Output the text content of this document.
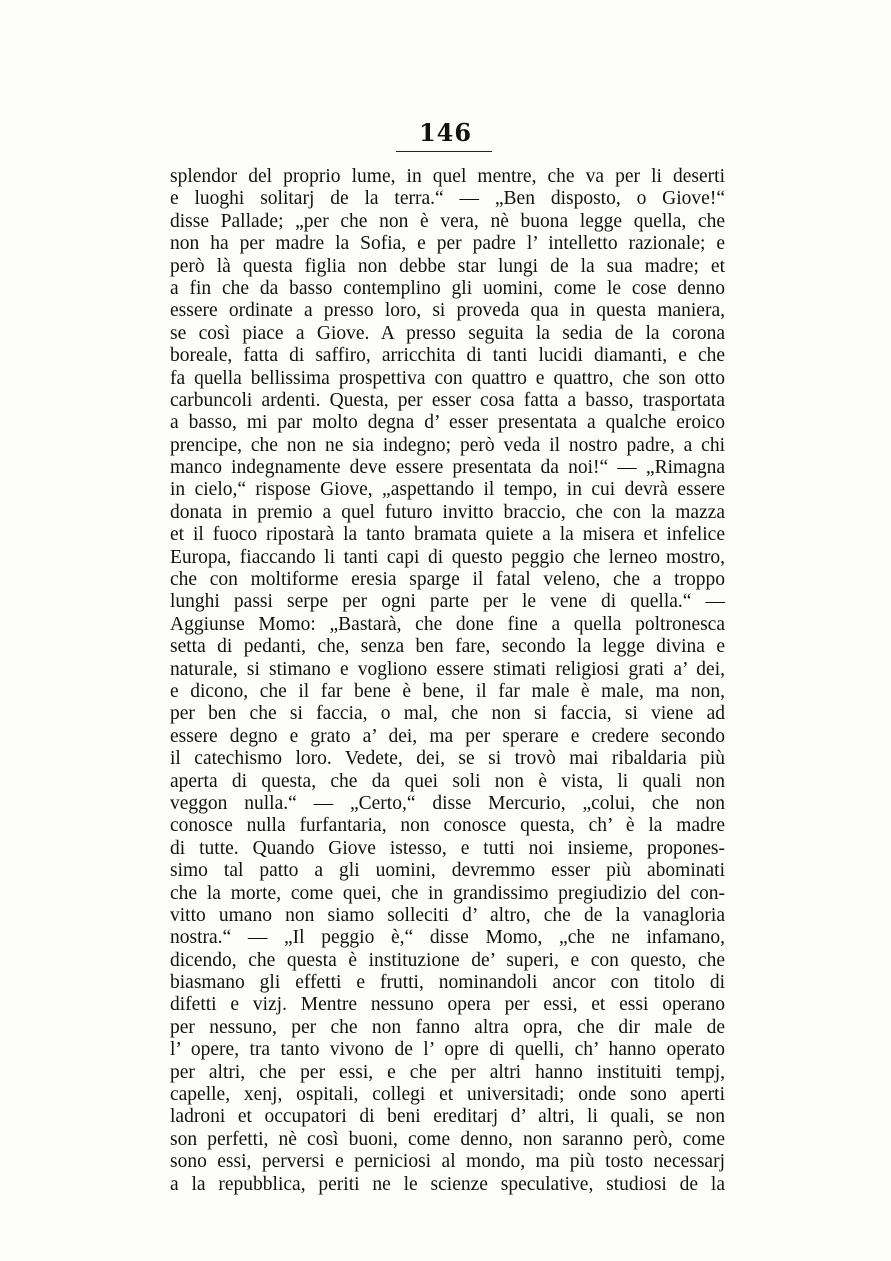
146
splendor del proprio lume, in quel mentre, che va per li deserti
e luoghi solitarj de la terra.“ — „Ben disposto, o Giove!“
disse Pallade; „per che non è vera, nè buona legge quella, che
non ha per madre la Sofia, e per padre l’ intelletto razionale; e
però là questa figlia non debbe star lungi de la sua madre; et
a fin che da basso contemplino gli uomini, come le cose denno
essere ordinate a presso loro, si proveda qua in questa maniera,
se così piace a Giove. A presso seguita la sedia de la corona
boreale, fatta di saffiro, arricchita di tanti lucidi diamanti, e che
fa quella bellissima prospettiva con quattro e quattro, che son otto
carbuncoli ardenti. Questa, per esser cosa fatta a basso, trasportata
a basso, mi par molto degna d’ esser presentata a qualche eroico
prencipe, che non ne sia indegno; però veda il nostro padre, a chi
manco indegnamente deve essere presentata da noi!“ — „Rimagna
in cielo,“ rispose Giove, „aspettando il tempo, in cui devrà essere
donata in premio a quel futuro invitto braccio, che con la mazza
et il fuoco ripostarà la tanto bramata quiete a la misera et infelice
Europa, fiaccando li tanti capi di questo peggio che lerneo mostro,
che con moltiforme eresia sparge il fatal veleno, che a troppo
lunghi passi serpe per ogni parte per le vene di quella.“ —
Aggiunse Momo: „Bastarà, che done fine a quella poltronesca
setta di pedanti, che, senza ben fare, secondo la legge divina e
naturale, si stimano e vogliono essere stimati religiosi grati a’ dei,
e dicono, che il far bene è bene, il far male è male, ma non,
per ben che si faccia, o mal, che non si faccia, si viene ad
essere degno e grato a’ dei, ma per sperare e credere secondo
il catechismo loro. Vedete, dei, se si trovò mai ribaldaria più
aperta di questa, che da quei soli non è vista, li quali non
veggon nulla.“ — „Certo,“ disse Mercurio, „colui, che non
conosce nulla furfantaria, non conosce questa, ch’ è la madre
di tutte. Quando Giove istesso, e tutti noi insieme, propones-
simo tal patto a gli uomini, devremmo esser più abominati
che la morte, come quei, che in grandissimo pregiudizio del con-
vitto umano non siamo solleciti d’ altro, che de la vanagloria
nostra.“ — „Il peggio è,“ disse Momo, „che ne infamano,
dicendo, che questa è instituzione de’ superi, e con questo, che
biasmano gli effetti e frutti, nominandoli ancor con titolo di
difetti e vizj. Mentre nessuno opera per essi, et essi operano
per nessuno, per che non fanno altra opra, che dir male de
l’ opere, tra tanto vivono de l’ opre di quelli, ch’ hanno operato
per altri, che per essi, e che per altri hanno instituiti tempj,
capelle, xenj, ospitali, collegi et universitadi; onde sono aperti
ladroni et occupatori di beni ereditarj d’ altri, li quali, se non
son perfetti, nè così buoni, come denno, non saranno però, come
sono essi, perversi e perniciosi al mondo, ma più tosto necessarj
a la repubblica, periti ne le scienze speculative, studiosi de la
